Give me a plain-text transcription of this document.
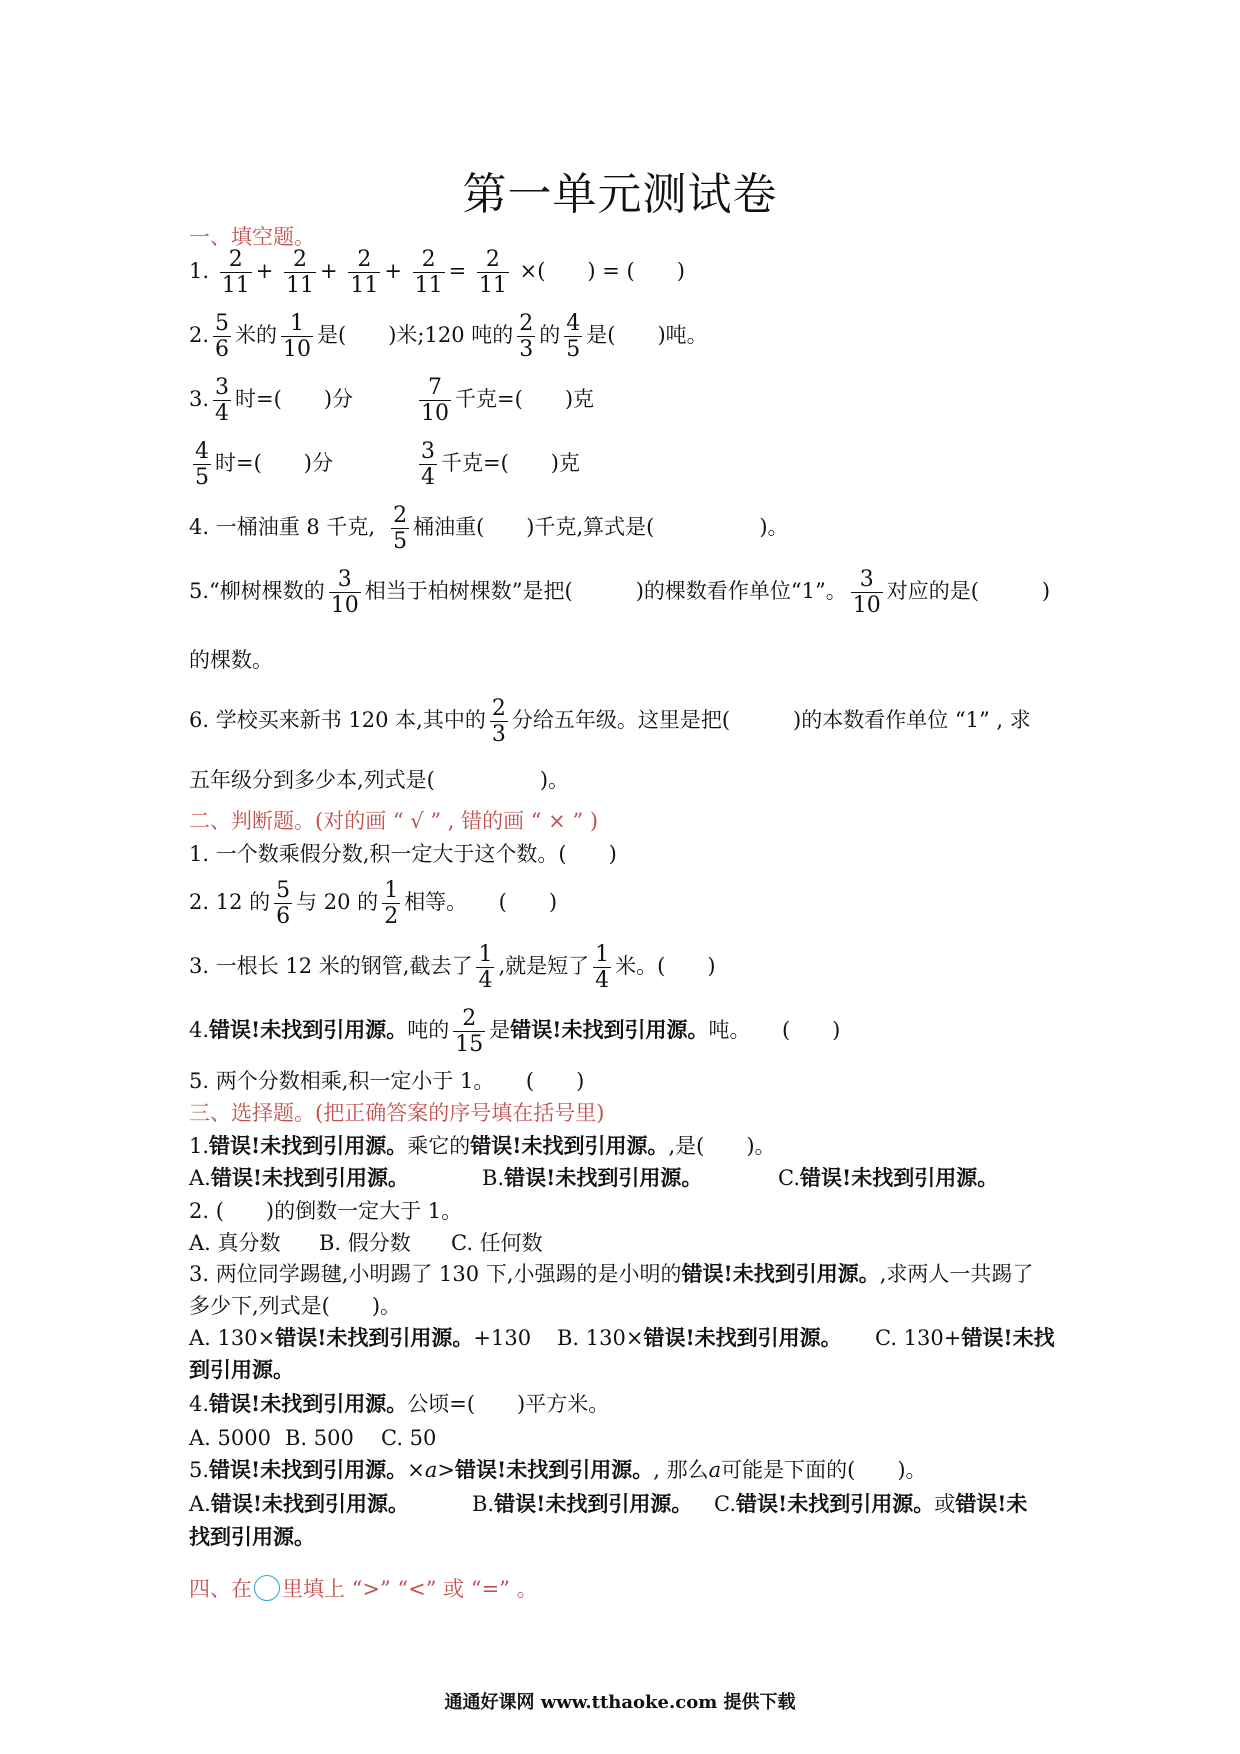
第一单元测试卷
一、填空题。
1. $\frac{2}{11} + \frac{2}{11} + \frac{2}{11} + \frac{2}{11} = \frac{2}{11}$ ×(　　) = (　　)
2. $\frac{5}{6}$ 米的 $\frac{1}{10}$ 是(　　)米;120 吨的 $\frac{2}{3}$ 的 $\frac{4}{5}$ 是(　　)吨。
3. $\frac{3}{4}$ 时=(　　)分	$\frac{7}{10}$ 千克=(　　)克
$\frac{4}{5}$ 时=(　　)分	$\frac{3}{4}$ 千克=(　　)克
4. 一桶油重 8 千克, $\frac{2}{5}$ 桶油重(　　)千克,算式是(　　　　　)。
5.“柳树棵数的 $\frac{3}{10}$ 相当于柏树棵数”是把(　　　)的棵数看作单位“1”。 $\frac{3}{10}$ 对应的是(　　　)
的棵数。
6. 学校买来新书 120 本,其中的 $\frac{2}{3}$ 分给五年级。这里是把(　　　)的本数看作单位 “1” , 求
五年级分到多少本,列式是(　　　　　)。
二、判断题。(对的画 “ √ ” , 错的画 “ × ” )
1. 一个数乘假分数,积一定大于这个数。(　　)
2. 12 的 $\frac{5}{6}$ 与 20 的 $\frac{1}{2}$ 相等。　　(　　)
3. 一根长 12 米的钢管,截去了 $\frac{1}{4}$ ,就是短了 $\frac{1}{4}$ 米。(　　)
4.错误!未找到引用源。吨的 $\frac{2}{15}$ 是错误!未找到引用源。吨。　　(　　)
5. 两个分数相乘,积一定小于 1。　　(　　)
三、选择题。(把正确答案的序号填在括号里)
1.错误!未找到引用源。乘它的错误!未找到引用源。,是(　　)。
A.错误!未找到引用源。	B.错误!未找到引用源。	C.错误!未找到引用源。
2. (　　)的倒数一定大于 1。
A. 真分数 B. 假分数 C. 任何数
3. 两位同学踢毽,小明踢了 130 下,小强踢的是小明的错误!未找到引用源。,求两人一共踢了
多少下,列式是(　　)。
A. 130×错误!未找到引用源。+130 B. 130×错误!未找到引用源。 C. 130+错误!未找
到引用源。
4.错误!未找到引用源。公顷=(　　)平方米。
A. 5000 B. 500 C. 50
5.错误!未找到引用源。×a>错误!未找到引用源。, 那么a可能是下面的(　　)。
A.错误!未找到引用源。	B.错误!未找到引用源。 C.错误!未找到引用源。或错误!未
找到引用源。
四、在 里填上 “>” “<” 或 “=” 。
通通好课网 www.tthaoke.com 提供下载
